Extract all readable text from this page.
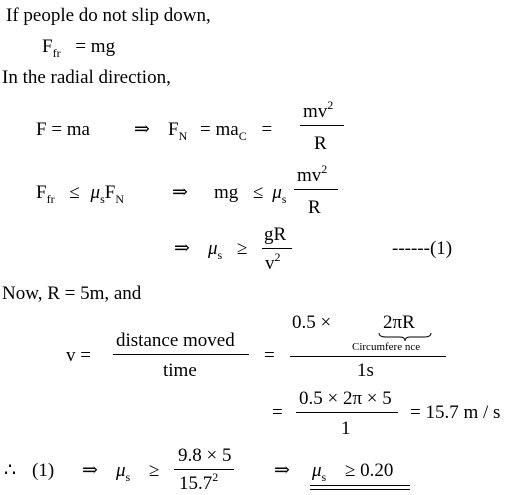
If people do not slip down,
$F_{fr}$ = mg
In the radial direction,
F = ma ⇒ $F_N = ma_C$ =
$mv^2$
R
$F_{fr} \le \mu_sF_N$	⇒ mg ≤ $\mu_s$
$mv^2$
R
⇒ $\mu_s$ ≥
gR
$v^2$	------(1)
Now, R = 5m, and
v =
distance moved
time
=
0.5 ×	2πR
Circumfere nce
1s
=
0.5 × 2π × 5
1
= 15.7 m / s
∴ (1) ⇒ $\mu_s$ ≥
9.8 × 5
15.7$^2$	⇒ $\mu_s \ge 0.20$
